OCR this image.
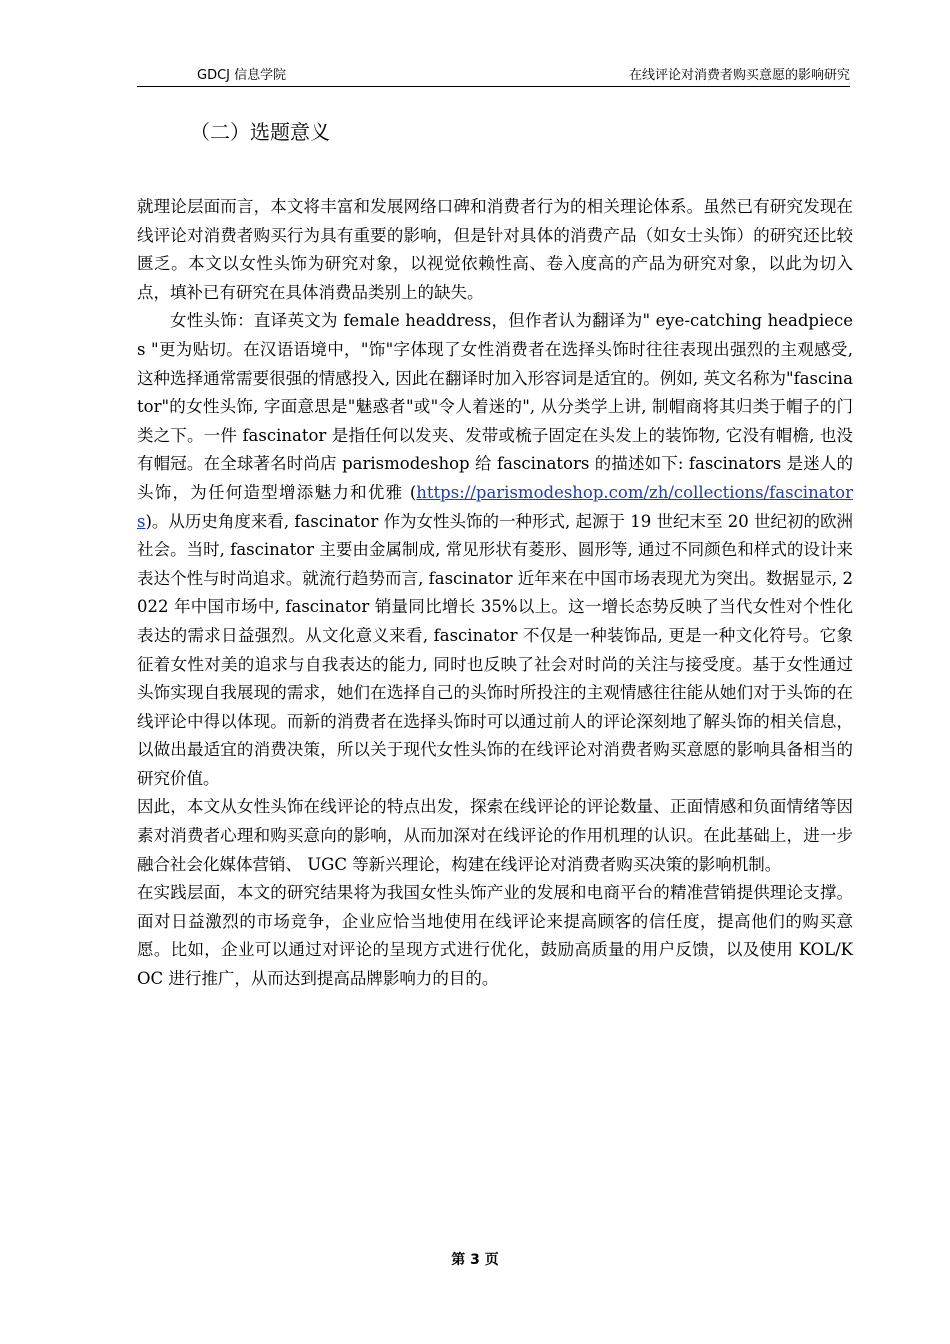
GDCJ 信息学院	在线评论对消费者购买意愿的影响研究
（二）选题意义

就理论层面而言，本文将丰富和发展网络口碑和消费者行为的相关理论体系。虽然已有研究发现在线评论对消费者购买行为具有重要的影响，但是针对具体的消费产品（如女士头饰）的研究还比较匮乏。本文以女性头饰为研究对象，以视觉依赖性高、卷入度高的产品为研究对象，以此为切入点，填补已有研究在具体消费品类别上的缺失。

女性头饰：直译英文为 female headdress，但作者认为翻译为" eye-catching headpieces "更为贴切。在汉语语境中，"饰"字体现了女性消费者在选择头饰时往往表现出强烈的主观感受, 这种选择通常需要很强的情感投入, 因此在翻译时加入形容词是适宜的。例如, 英文名称为"fascinator"的女性头饰, 字面意思是"魅惑者"或"令人着迷的", 从分类学上讲, 制帽商将其归类于帽子的门类之下。一件 fascinator 是指任何以发夹、发带或梳子固定在头发上的装饰物, 它没有帽檐, 也没有帽冠。在全球著名时尚店 parismodeshop 给 fascinators 的描述如下: fascinators 是迷人的头饰，为任何造型增添魅力和优雅 (https://parismodeshop.com/zh/collections/fascinators)。从历史角度来看, fascinator 作为女性头饰的一种形式, 起源于 19 世纪末至 20 世纪初的欧洲社会。当时, fascinator 主要由金属制成, 常见形状有菱形、圆形等, 通过不同颜色和样式的设计来表达个性与时尚追求。就流行趋势而言, fascinator 近年来在中国市场表现尤为突出。数据显示, 2022 年中国市场中, fascinator 销量同比增长 35%以上。这一增长态势反映了当代女性对个性化表达的需求日益强烈。从文化意义来看, fascinator 不仅是一种装饰品, 更是一种文化符号。它象征着女性对美的追求与自我表达的能力, 同时也反映了社会对时尚的关注与接受度。基于女性通过头饰实现自我展现的需求，她们在选择自己的头饰时所投注的主观情感往往能从她们对于头饰的在线评论中得以体现。而新的消费者在选择头饰时可以通过前人的评论深刻地了解头饰的相关信息，以做出最适宜的消费决策，所以关于现代女性头饰的在线评论对消费者购买意愿的影响具备相当的研究价值。

因此，本文从女性头饰在线评论的特点出发，探索在线评论的评论数量、正面情感和负面情绪等因素对消费者心理和购买意向的影响，从而加深对在线评论的作用机理的认识。在此基础上，进一步融合社会化媒体营销、 UGC 等新兴理论，构建在线评论对消费者购买决策的影响机制。

在实践层面，本文的研究结果将为我国女性头饰产业的发展和电商平台的精准营销提供理论支撑。面对日益激烈的市场竞争，企业应恰当地使用在线评论来提高顾客的信任度，提高他们的购买意愿。比如，企业可以通过对评论的呈现方式进行优化，鼓励高质量的用户反馈，以及使用 KOL/KOC 进行推广，从而达到提高品牌影响力的目的。

第 3 页
